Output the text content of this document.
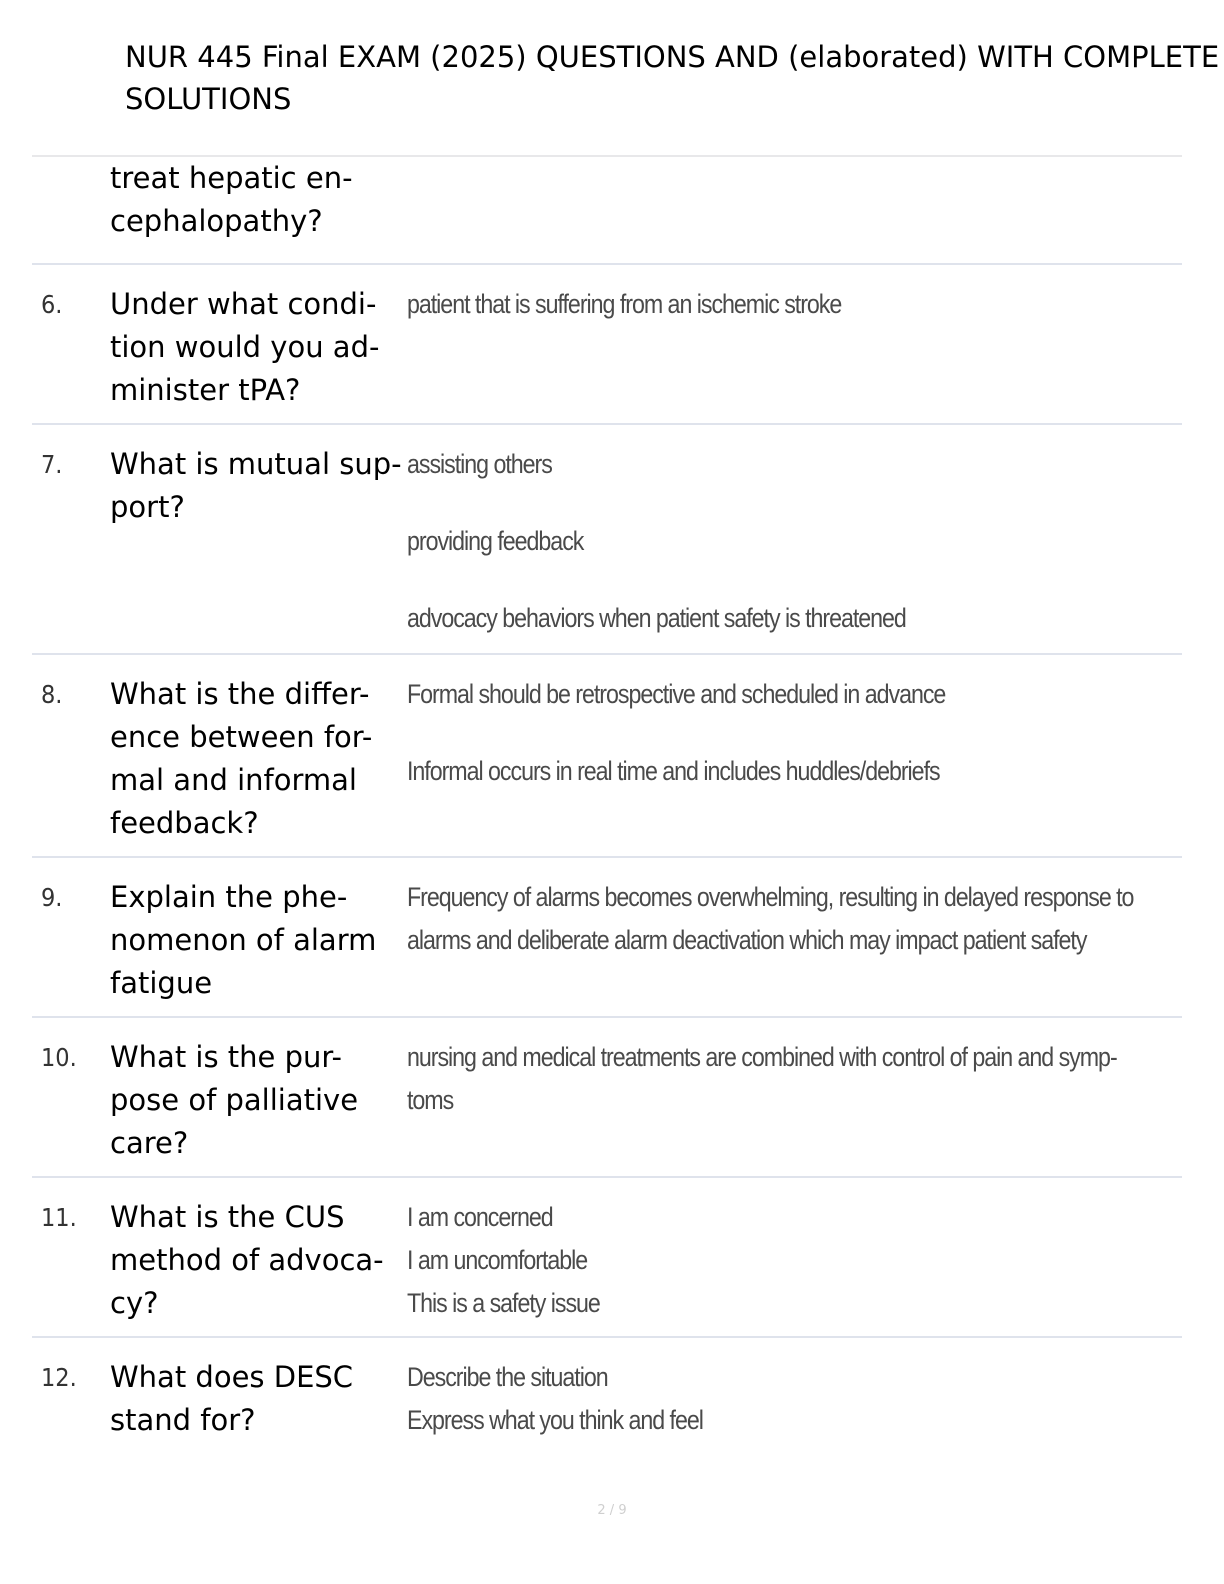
NUR 445 Final EXAM (2025) QUESTIONS AND (elaborated) WITH COMPLETE
SOLUTIONS
treat hepatic en-
cephalopathy?
6. Under what condi-
tion would you ad-
minister tPA?
patient that is suffering from an ischemic stroke
7. What is mutual sup-
port?
assisting others
providing feedback
advocacy behaviors when patient safety is threatened
8. What is the differ-
ence between for-
mal and informal
feedback?
Formal should be retrospective and scheduled in advance
Informal occurs in real time and includes huddles/debriefs
9. Explain the phe-
nomenon of alarm
fatigue
Frequency of alarms becomes overwhelming, resulting in delayed response to
alarms and deliberate alarm deactivation which may impact patient safety
10. What is the pur-
pose of palliative
care?
nursing and medical treatments are combined with control of pain and symp-
toms
11. What is the CUS
method of advoca-
cy?
I am concerned
I am uncomfortable
This is a safety issue
12. What does DESC
stand for?
Describe the situation
Express what you think and feel
2 / 9
